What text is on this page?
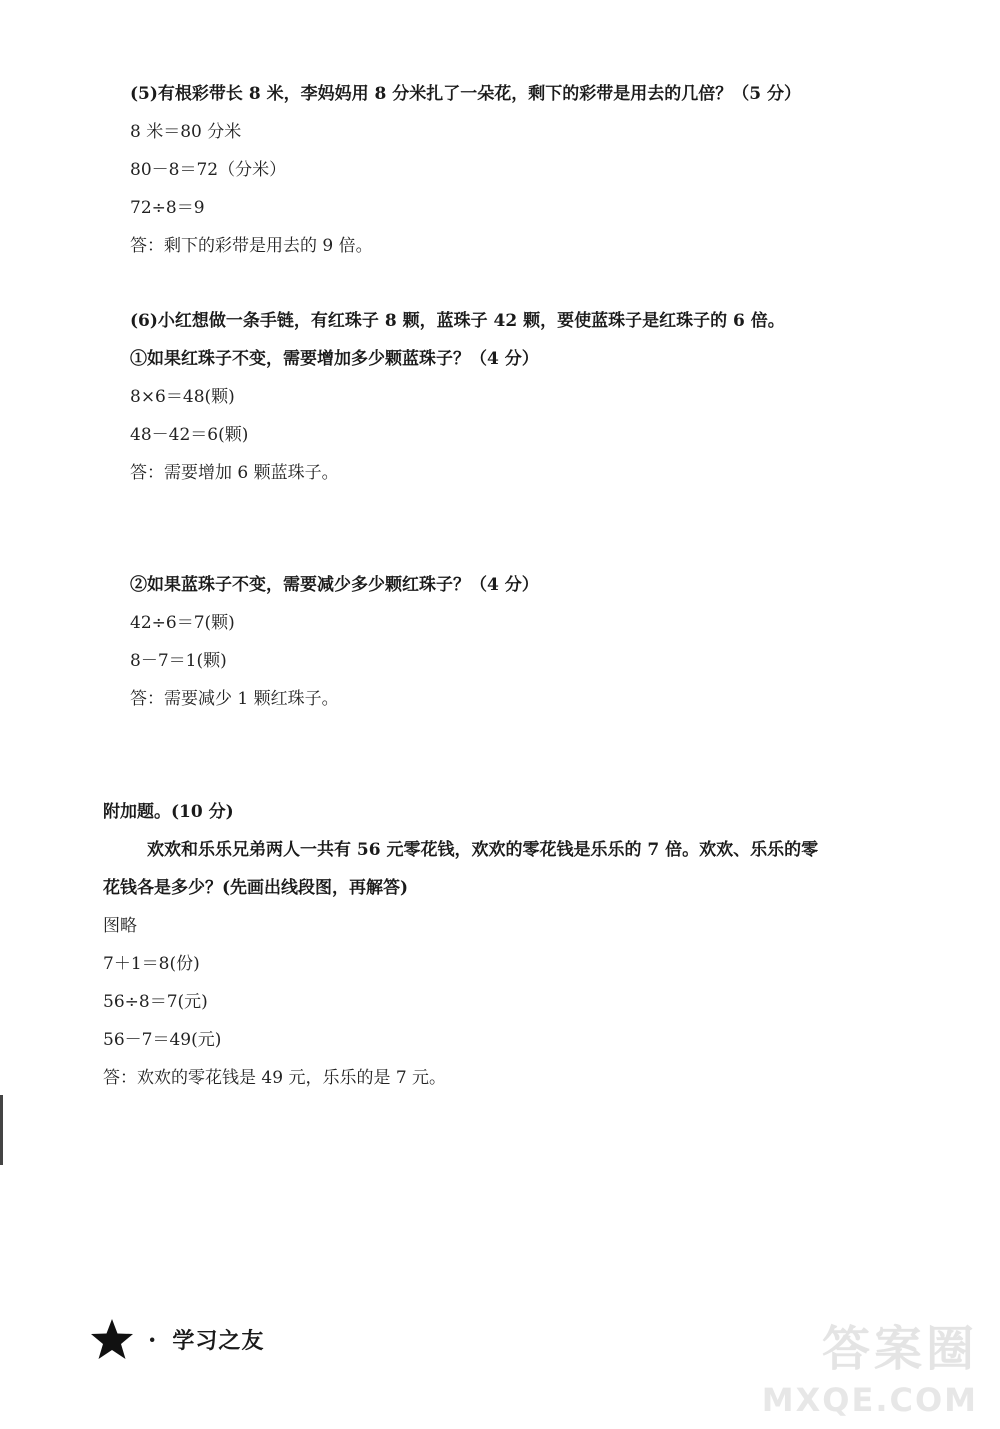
(5)有根彩带长 8 米，李妈妈用 8 分米扎了一朵花，剩下的彩带是用去的几倍？（5 分）
8 米＝80 分米
80－8＝72（分米）
72÷8＝9
答：剩下的彩带是用去的 9 倍。
(6)小红想做一条手链，有红珠子 8 颗，蓝珠子 42 颗，要使蓝珠子是红珠子的 6 倍。
①如果红珠子不变，需要增加多少颗蓝珠子？（4 分）
8×6＝48(颗)
48－42＝6(颗)
答：需要增加 6 颗蓝珠子。
②如果蓝珠子不变，需要减少多少颗红珠子？（4 分）
42÷6＝7(颗)
8－7＝1(颗)
答：需要减少 1 颗红珠子。
附加题。(10 分)
欢欢和乐乐兄弟两人一共有 56 元零花钱，欢欢的零花钱是乐乐的 7 倍。欢欢、乐乐的零
花钱各是多少？(先画出线段图，再解答)
图略
7＋1＝8(份)
56÷8＝7(元)
56－7＝49(元)
答：欢欢的零花钱是 49 元，乐乐的是 7 元。
· 学习之友	答案圈
MXQE.COM
